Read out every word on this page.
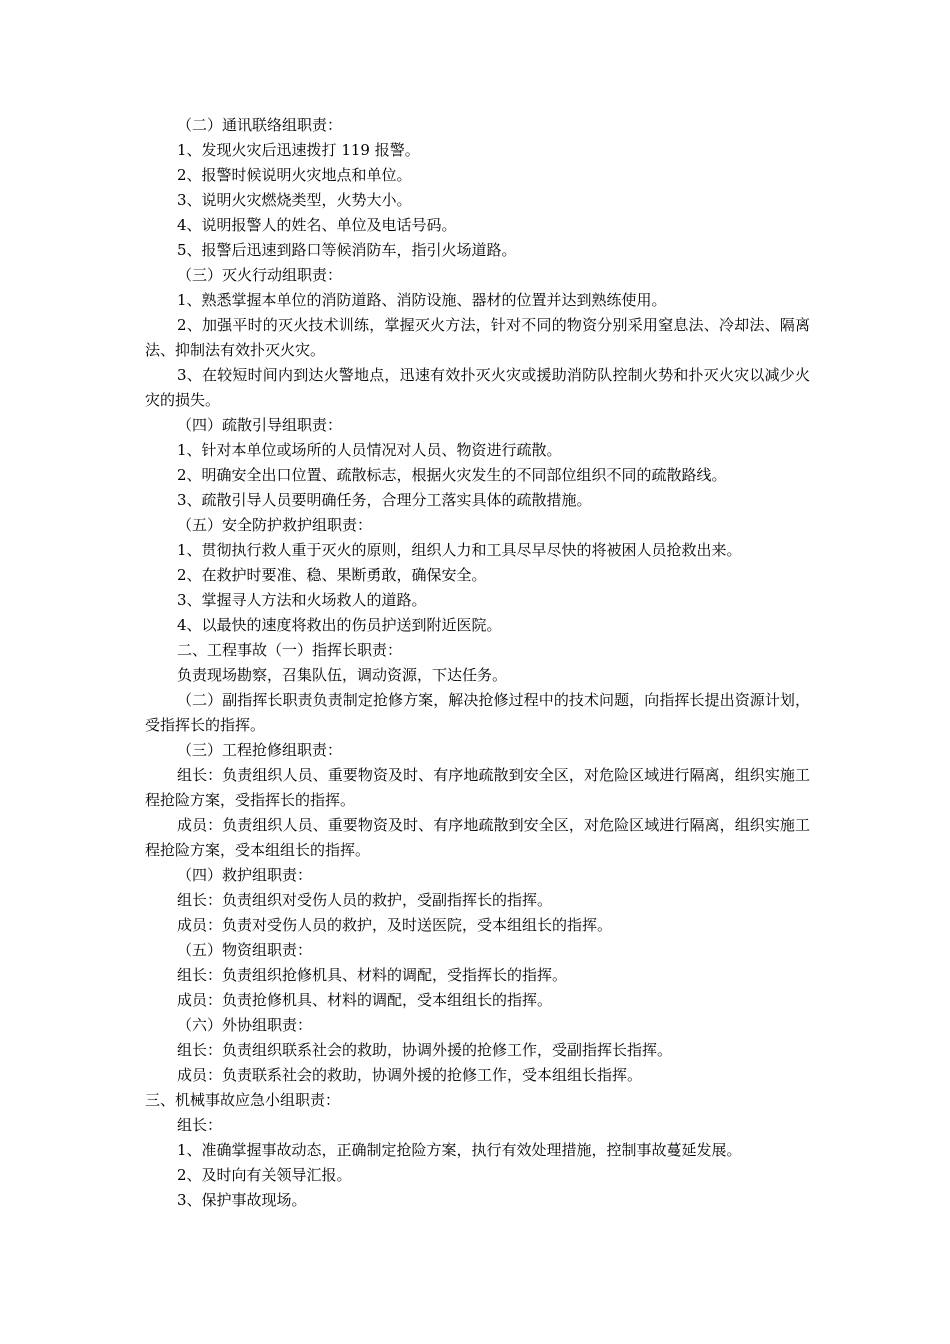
（二）通讯联络组职责：

1、发现火灾后迅速拨打 119 报警。

2、报警时候说明火灾地点和单位。

3、说明火灾燃烧类型，火势大小。

4、说明报警人的姓名、单位及电话号码。

5、报警后迅速到路口等候消防车，指引火场道路。

（三）灭火行动组职责：

1、熟悉掌握本单位的消防道路、消防设施、器材的位置并达到熟练使用。

2、加强平时的灭火技术训练，掌握灭火方法，针对不同的物资分别采用窒息法、冷却法、隔离法、抑制法有效扑灭火灾。

3、在较短时间内到达火警地点，迅速有效扑灭火灾或援助消防队控制火势和扑灭火灾以减少火灾的损失。

（四）疏散引导组职责：

1、针对本单位或场所的人员情况对人员、物资进行疏散。

2、明确安全出口位置、疏散标志，根据火灾发生的不同部位组织不同的疏散路线。

3、疏散引导人员要明确任务，合理分工落实具体的疏散措施。

（五）安全防护救护组职责：

1、贯彻执行救人重于灭火的原则，组织人力和工具尽早尽快的将被困人员抢救出来。

2、在救护时要准、稳、果断勇敢，确保安全。

3、掌握寻人方法和火场救人的道路。

4、以最快的速度将救出的伤员护送到附近医院。

二、工程事故（一）指挥长职责：

负责现场勘察，召集队伍，调动资源，下达任务。

（二）副指挥长职责负责制定抢修方案，解决抢修过程中的技术问题，向指挥长提出资源计划，受指挥长的指挥。

（三）工程抢修组职责：

组长：负责组织人员、重要物资及时、有序地疏散到安全区，对危险区域进行隔离，组织实施工程抢险方案，受指挥长的指挥。

成员：负责组织人员、重要物资及时、有序地疏散到安全区，对危险区域进行隔离，组织实施工程抢险方案，受本组组长的指挥。

（四）救护组职责：

组长：负责组织对受伤人员的救护，受副指挥长的指挥。

成员：负责对受伤人员的救护，及时送医院，受本组组长的指挥。

（五）物资组职责：

组长：负责组织抢修机具、材料的调配，受指挥长的指挥。

成员：负责抢修机具、材料的调配，受本组组长的指挥。

（六）外协组职责：

组长：负责组织联系社会的救助，协调外援的抢修工作，受副指挥长指挥。

成员：负责联系社会的救助，协调外援的抢修工作，受本组组长指挥。

三、机械事故应急小组职责：

组长：

1、准确掌握事故动态，正确制定抢险方案，执行有效处理措施，控制事故蔓延发展。

2、及时向有关领导汇报。

3、保护事故现场。
